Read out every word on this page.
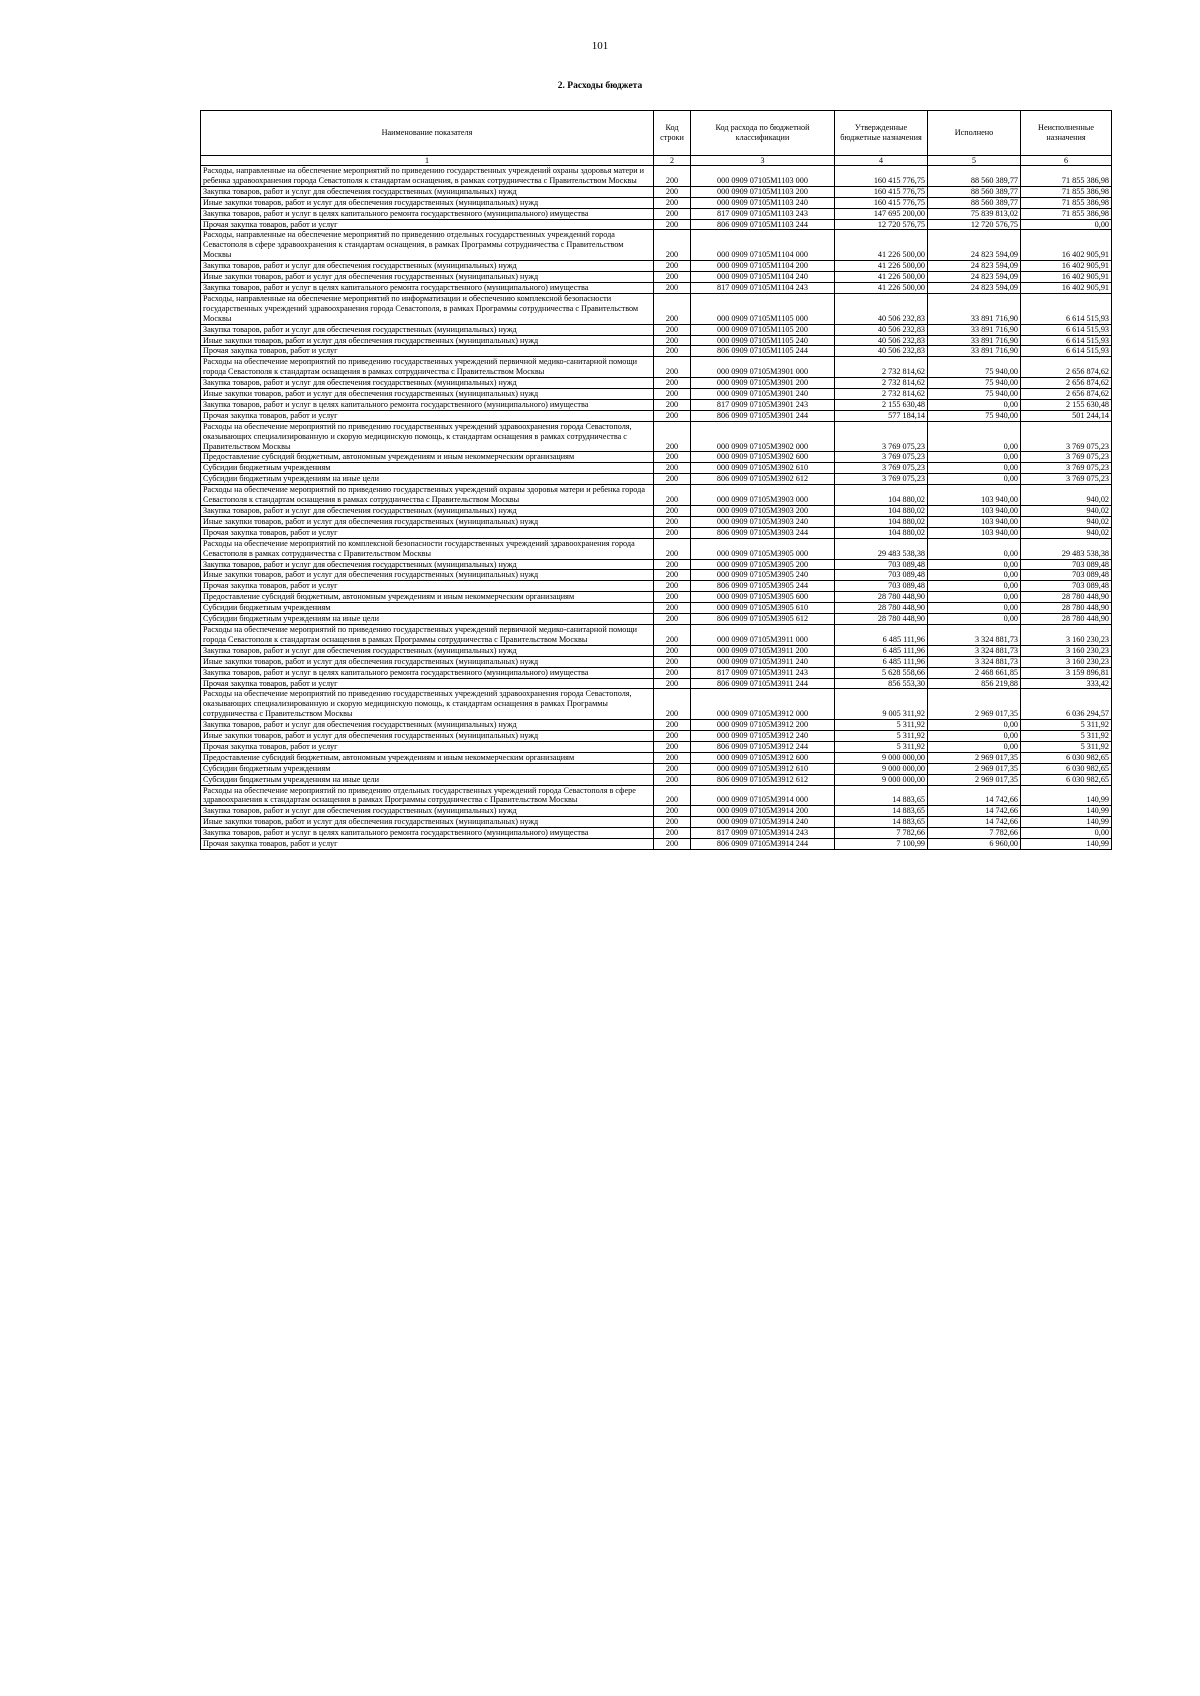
101
2. Расходы бюджета
Наименование показателя	Код строки	Код расхода по бюджетной классификации	Утвержденные бюджетные назначения	Исполнено	Неисполненные назначения
1	2	3	4	5	6
Расходы, направленные на обеспечение мероприятий по приведению государственных учреждений охраны здоровья матери и ребенка здравоохранения города Севастополя к стандартам оснащения, в рамках сотрудничества с Правительством Москвы	200	000 0909 07105М1103 000	160 415 776,75	88 560 389,77	71 855 386,98
Закупка товаров, работ и услуг для обеспечения государственных (муниципальных) нужд	200	000 0909 07105М1103 200	160 415 776,75	88 560 389,77	71 855 386,98
Иные закупки товаров, работ и услуг для обеспечения государственных (муниципальных) нужд	200	000 0909 07105М1103 240	160 415 776,75	88 560 389,77	71 855 386,98
Закупка товаров, работ и услуг в целях капитального ремонта государственного (муниципального) имущества	200	817 0909 07105М1103 243	147 695 200,00	75 839 813,02	71 855 386,98
Прочая закупка товаров, работ и услуг	200	806 0909 07105М1103 244	12 720 576,75	12 720 576,75	0,00
Расходы, направленные на обеспечение мероприятий по приведению отдельных государственных учреждений города Севастополя в сфере здравоохранения к стандартам оснащения, в рамках Программы сотрудничества с Правительством Москвы	200	000 0909 07105М1104 000	41 226 500,00	24 823 594,09	16 402 905,91
Закупка товаров, работ и услуг для обеспечения государственных (муниципальных) нужд	200	000 0909 07105М1104 200	41 226 500,00	24 823 594,09	16 402 905,91
Иные закупки товаров, работ и услуг для обеспечения государственных (муниципальных) нужд	200	000 0909 07105М1104 240	41 226 500,00	24 823 594,09	16 402 905,91
Закупка товаров, работ и услуг в целях капитального ремонта государственного (муниципального) имущества	200	817 0909 07105М1104 243	41 226 500,00	24 823 594,09	16 402 905,91
Расходы, направленные на обеспечение мероприятий по информатизации и обеспечению комплексной безопасности государственных учреждений здравоохранения города Севастополя, в рамках Программы сотрудничества с Правительством Москвы	200	000 0909 07105М1105 000	40 506 232,83	33 891 716,90	6 614 515,93
Закупка товаров, работ и услуг для обеспечения государственных (муниципальных) нужд	200	000 0909 07105М1105 200	40 506 232,83	33 891 716,90	6 614 515,93
Иные закупки товаров, работ и услуг для обеспечения государственных (муниципальных) нужд	200	000 0909 07105М1105 240	40 506 232,83	33 891 716,90	6 614 515,93
Прочая закупка товаров, работ и услуг	200	806 0909 07105М1105 244	40 506 232,83	33 891 716,90	6 614 515,93
Расходы на обеспечение мероприятий по приведению государственных учреждений первичной медико-санитарной помощи города Севастополя к стандартам оснащения в рамках сотрудничества с Правительством Москвы	200	000 0909 07105М3901 000	2 732 814,62	75 940,00	2 656 874,62
Закупка товаров, работ и услуг для обеспечения государственных (муниципальных) нужд	200	000 0909 07105М3901 200	2 732 814,62	75 940,00	2 656 874,62
Иные закупки товаров, работ и услуг для обеспечения государственных (муниципальных) нужд	200	000 0909 07105М3901 240	2 732 814,62	75 940,00	2 656 874,62
Закупка товаров, работ и услуг в целях капитального ремонта государственного (муниципального) имущества	200	817 0909 07105М3901 243	2 155 630,48	0,00	2 155 630,48
Прочая закупка товаров, работ и услуг	200	806 0909 07105М3901 244	577 184,14	75 940,00	501 244,14
Расходы на обеспечение мероприятий по приведению государственных учреждений здравоохранения города Севастополя, оказывающих специализированную и скорую медицинскую помощь, к стандартам оснащения в рамках сотрудничества с Правительством Москвы	200	000 0909 07105М3902 000	3 769 075,23	0,00	3 769 075,23
Предоставление субсидий бюджетным, автономным учреждениям и иным некоммерческим организациям	200	000 0909 07105М3902 600	3 769 075,23	0,00	3 769 075,23
Субсидии бюджетным учреждениям	200	000 0909 07105М3902 610	3 769 075,23	0,00	3 769 075,23
Субсидии бюджетным учреждениям на иные цели	200	806 0909 07105М3902 612	3 769 075,23	0,00	3 769 075,23
Расходы на обеспечение мероприятий по приведению государственных учреждений охраны здоровья матери и ребенка города Севастополя к стандартам оснащения в рамках сотрудничества с Правительством Москвы	200	000 0909 07105М3903 000	104 880,02	103 940,00	940,02
Закупка товаров, работ и услуг для обеспечения государственных (муниципальных) нужд	200	000 0909 07105М3903 200	104 880,02	103 940,00	940,02
Иные закупки товаров, работ и услуг для обеспечения государственных (муниципальных) нужд	200	000 0909 07105М3903 240	104 880,02	103 940,00	940,02
Прочая закупка товаров, работ и услуг	200	806 0909 07105М3903 244	104 880,02	103 940,00	940,02
Расходы на обеспечение мероприятий по комплексной безопасности государственных учреждений здравоохранения города Севастополя в рамках сотрудничества с Правительством Москвы	200	000 0909 07105М3905 000	29 483 538,38	0,00	29 483 538,38
Закупка товаров, работ и услуг для обеспечения государственных (муниципальных) нужд	200	000 0909 07105М3905 200	703 089,48	0,00	703 089,48
Иные закупки товаров, работ и услуг для обеспечения государственных (муниципальных) нужд	200	000 0909 07105М3905 240	703 089,48	0,00	703 089,48
Прочая закупка товаров, работ и услуг	200	806 0909 07105М3905 244	703 089,48	0,00	703 089,48
Предоставление субсидий бюджетным, автономным учреждениям и иным некоммерческим организациям	200	000 0909 07105М3905 600	28 780 448,90	0,00	28 780 448,90
Субсидии бюджетным учреждениям	200	000 0909 07105М3905 610	28 780 448,90	0,00	28 780 448,90
Субсидии бюджетным учреждениям на иные цели	200	806 0909 07105М3905 612	28 780 448,90	0,00	28 780 448,90
Расходы на обеспечение мероприятий по приведению государственных учреждений первичной медико-санитарной помощи города Севастополя к стандартам оснащения в рамках Программы сотрудничества с Правительством Москвы	200	000 0909 07105М3911 000	6 485 111,96	3 324 881,73	3 160 230,23
Закупка товаров, работ и услуг для обеспечения государственных (муниципальных) нужд	200	000 0909 07105М3911 200	6 485 111,96	3 324 881,73	3 160 230,23
Иные закупки товаров, работ и услуг для обеспечения государственных (муниципальных) нужд	200	000 0909 07105М3911 240	6 485 111,96	3 324 881,73	3 160 230,23
Закупка товаров, работ и услуг в целях капитального ремонта государственного (муниципального) имущества	200	817 0909 07105М3911 243	5 628 558,66	2 468 661,85	3 159 896,81
Прочая закупка товаров, работ и услуг	200	806 0909 07105М3911 244	856 553,30	856 219,88	333,42
Расходы на обеспечение мероприятий по приведению государственных учреждений здравоохранения города Севастополя, оказывающих специализированную и скорую медицинскую помощь, к стандартам оснащения в рамках Программы сотрудничества с Правительством Москвы	200	000 0909 07105М3912 000	9 005 311,92	2 969 017,35	6 036 294,57
Закупка товаров, работ и услуг для обеспечения государственных (муниципальных) нужд	200	000 0909 07105М3912 200	5 311,92	0,00	5 311,92
Иные закупки товаров, работ и услуг для обеспечения государственных (муниципальных) нужд	200	000 0909 07105М3912 240	5 311,92	0,00	5 311,92
Прочая закупка товаров, работ и услуг	200	806 0909 07105М3912 244	5 311,92	0,00	5 311,92
Предоставление субсидий бюджетным, автономным учреждениям и иным некоммерческим организациям	200	000 0909 07105М3912 600	9 000 000,00	2 969 017,35	6 030 982,65
Субсидии бюджетным учреждениям	200	000 0909 07105М3912 610	9 000 000,00	2 969 017,35	6 030 982,65
Субсидии бюджетным учреждениям на иные цели	200	806 0909 07105М3912 612	9 000 000,00	2 969 017,35	6 030 982,65
Расходы на обеспечение мероприятий по приведению отдельных государственных учреждений города Севастополя в сфере здравоохранения к стандартам оснащения в рамках Программы сотрудничества с Правительством Москвы	200	000 0909 07105М3914 000	14 883,65	14 742,66	140,99
Закупка товаров, работ и услуг для обеспечения государственных (муниципальных) нужд	200	000 0909 07105М3914 200	14 883,65	14 742,66	140,99
Иные закупки товаров, работ и услуг для обеспечения государственных (муниципальных) нужд	200	000 0909 07105М3914 240	14 883,65	14 742,66	140,99
Закупка товаров, работ и услуг в целях капитального ремонта государственного (муниципального) имущества	200	817 0909 07105М3914 243	7 782,66	7 782,66	0,00
Прочая закупка товаров, работ и услуг	200	806 0909 07105М3914 244	7 100,99	6 960,00	140,99
